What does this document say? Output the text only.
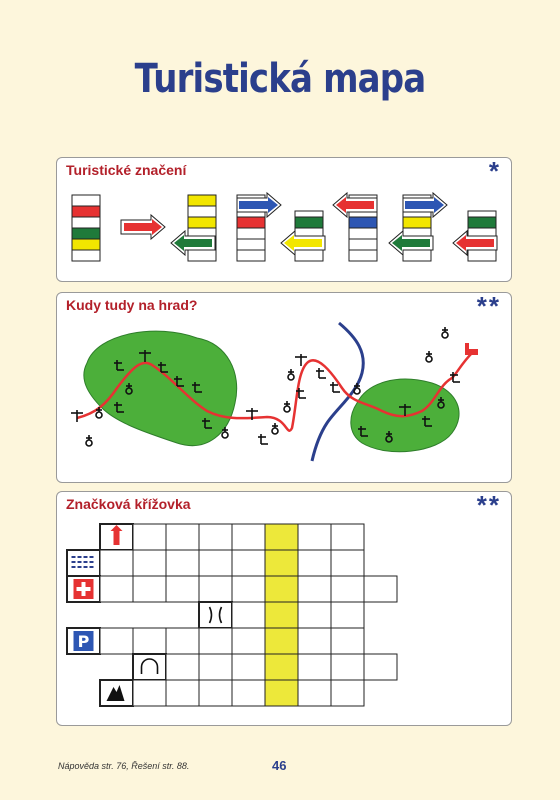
Turistická mapa
Turistické značení	*
Kudy tudy na hrad?	**
Značková křížovka	**
P
Nápověda str. 76, Řešení str. 88.	46
